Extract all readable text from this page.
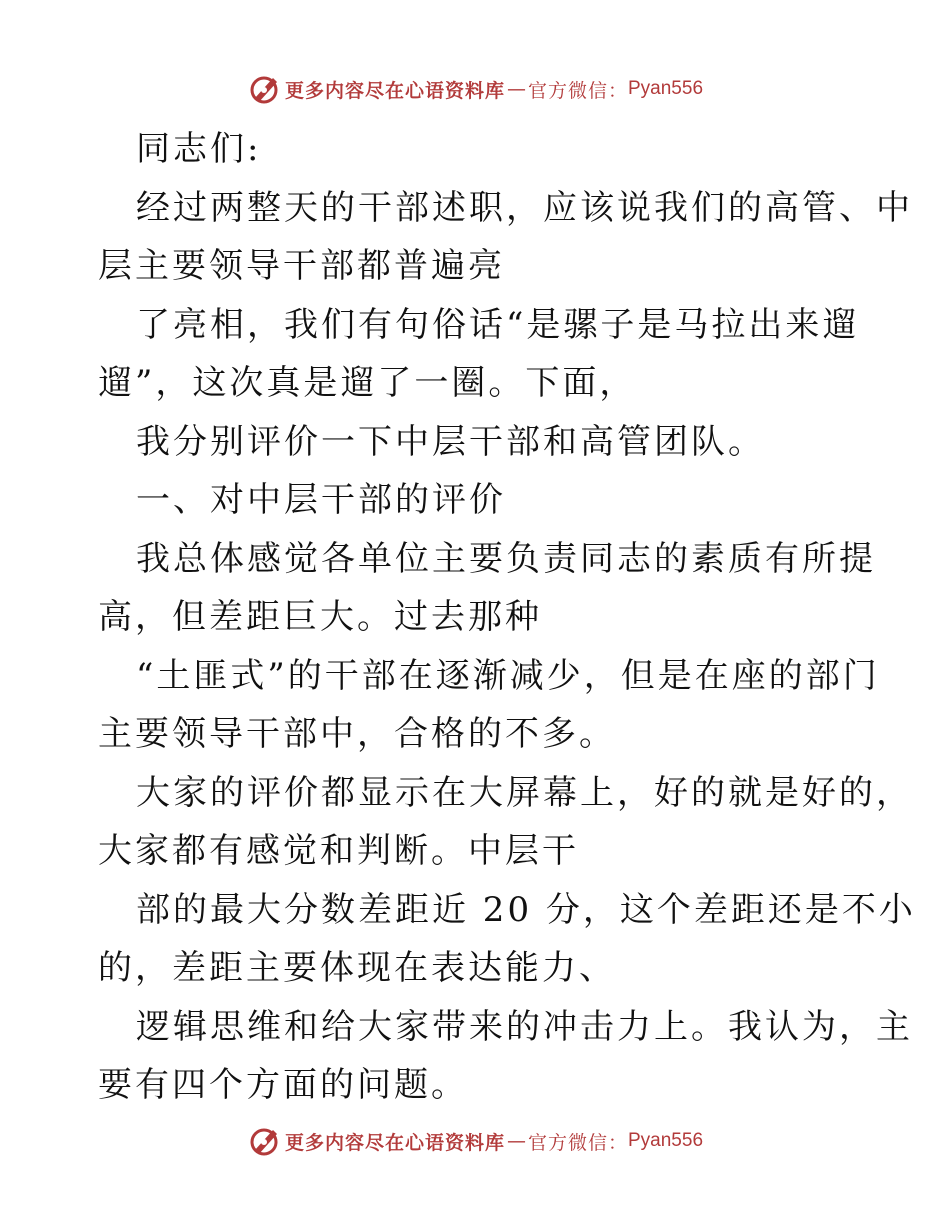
更多内容尽在心语资料库 — 官方微信： Pyan556
同志们:
经过两整天的干部述职，应该说我们的高管、中
层主要领导干部都普遍亮
了亮相，我们有句俗话“是骡子是马拉出来遛
遛”，这次真是遛了一圈。下面，
我分别评价一下中层干部和高管团队。
一、对中层干部的评价
我总体感觉各单位主要负责同志的素质有所提
高，但差距巨大。过去那种
“土匪式”的干部在逐渐减少，但是在座的部门
主要领导干部中，合格的不多。
大家的评价都显示在大屏幕上，好的就是好的，
大家都有感觉和判断。中层干
部的最大分数差距近 20 分，这个差距还是不小
的，差距主要体现在表达能力、
逻辑思维和给大家带来的冲击力上。我认为，主
要有四个方面的问题。
更多内容尽在心语资料库 — 官方微信： Pyan556
